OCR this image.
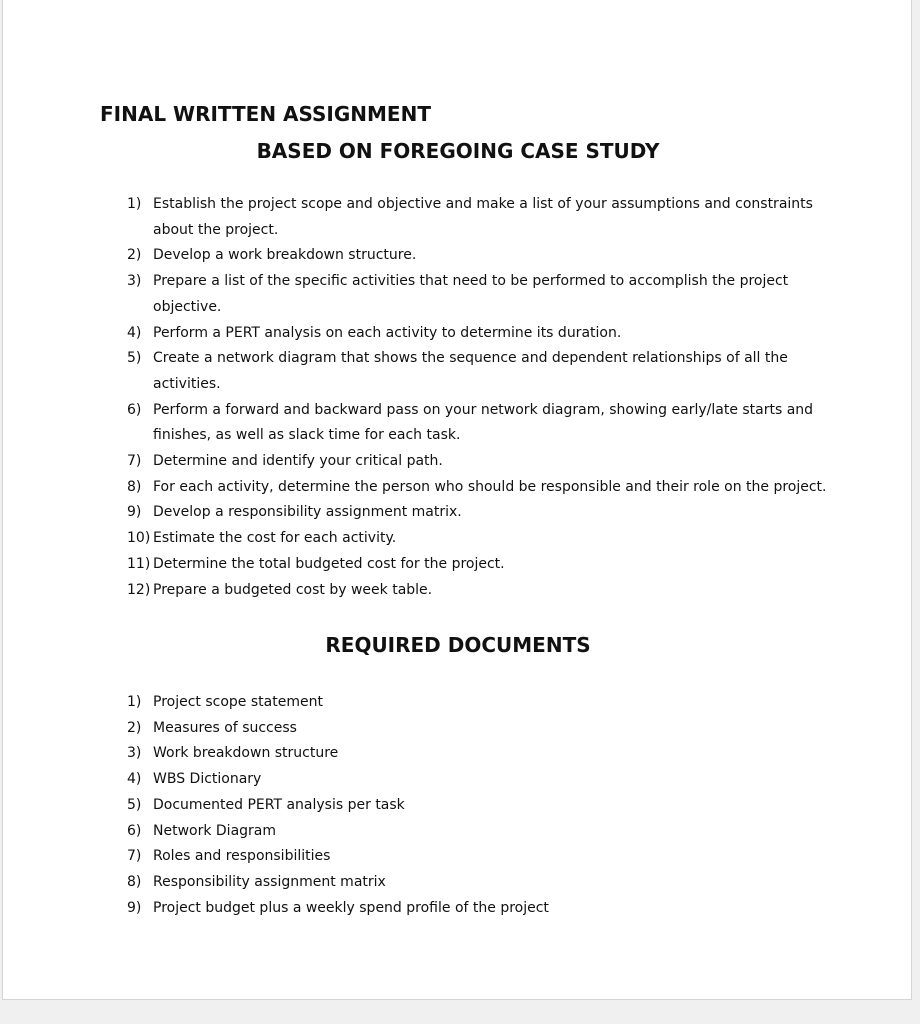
FINAL WRITTEN ASSIGNMENT
BASED ON FOREGOING CASE STUDY
1) Establish the project scope and objective and make a list of your assumptions and constraints about the project.
2) Develop a work breakdown structure.
3) Prepare a list of the specific activities that need to be performed to accomplish the project objective.
4) Perform a PERT analysis on each activity to determine its duration.
5) Create a network diagram that shows the sequence and dependent relationships of all the activities.
6) Perform a forward and backward pass on your network diagram, showing early/late starts and finishes, as well as slack time for each task.
7) Determine and identify your critical path.
8) For each activity, determine the person who should be responsible and their role on the project.
9) Develop a responsibility assignment matrix.
10) Estimate the cost for each activity.
11) Determine the total budgeted cost for the project.
12) Prepare a budgeted cost by week table.
REQUIRED DOCUMENTS
1) Project scope statement
2) Measures of success
3) Work breakdown structure
4) WBS Dictionary
5) Documented PERT analysis per task
6) Network Diagram
7) Roles and responsibilities
8) Responsibility assignment matrix
9) Project budget plus a weekly spend profile of the project
